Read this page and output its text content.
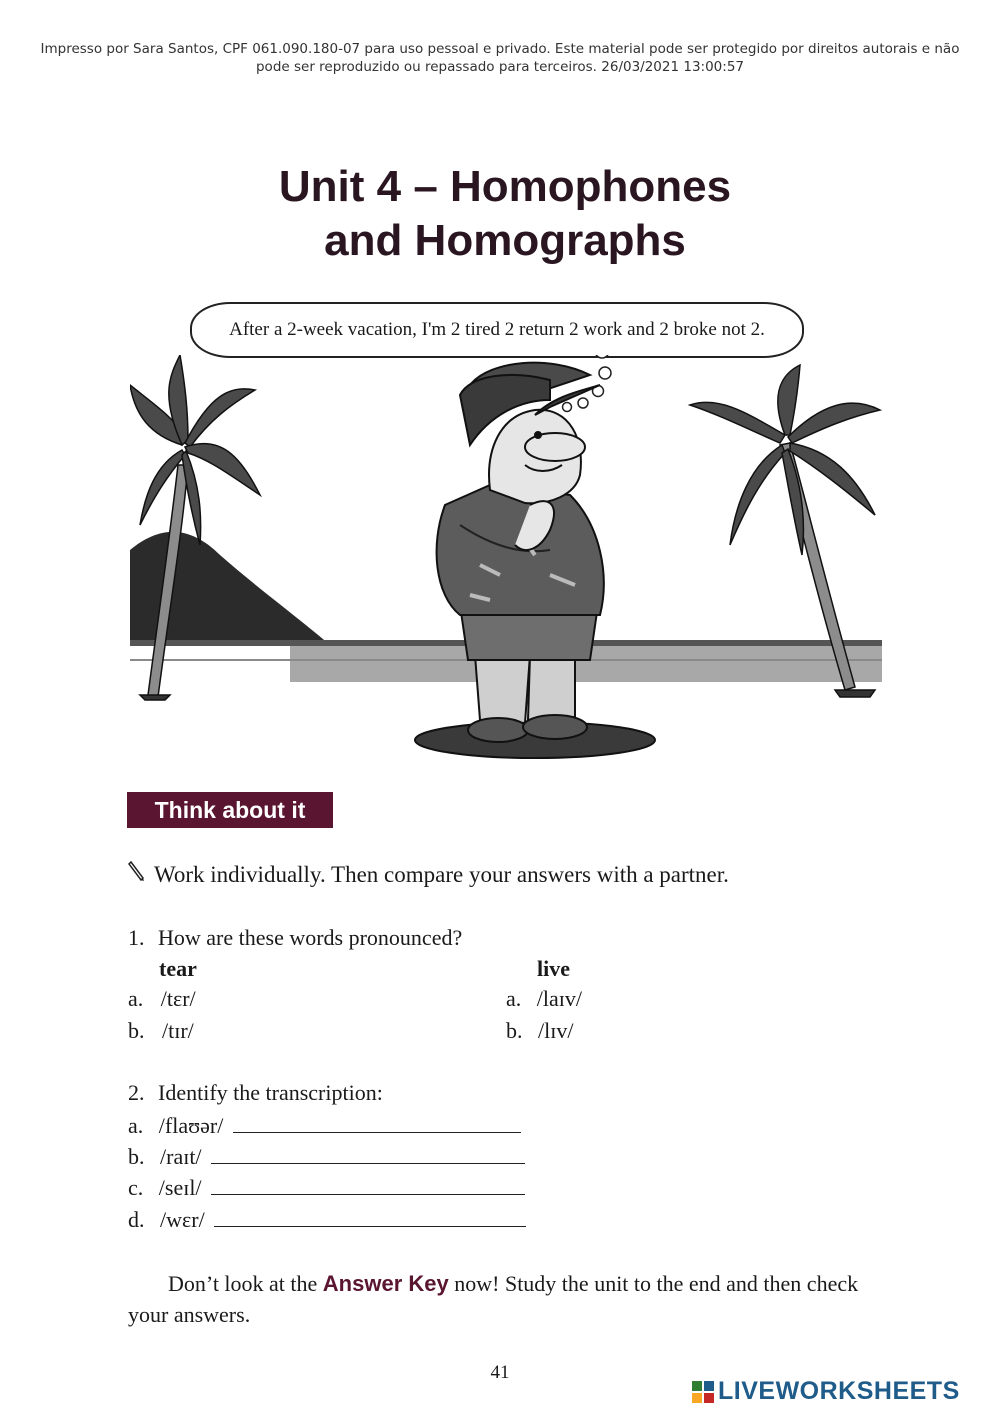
Impresso por Sara Santos, CPF 061.090.180-07 para uso pessoal e privado. Este material pode ser protegido por direitos autorais e não
pode ser reproduzido ou repassado para terceiros. 26/03/2021 13:00:57
Unit 4 – Homophones
and Homographs
After a 2-week vacation, I'm 2 tired 2 return 2 work and 2 broke not 2.
Think about it
Work individually. Then compare your answers with a partner.
1. How are these words pronounced?
tear	live
a. /tɛr/
b. /tɪr/
a. /laɪv/
b. /lɪv/
2. Identify the transcription:
a. /flaʊər/
b. /raɪt/
c. /seɪl/
d. /wɛr/
Don’t look at the Answer Key now! Study the unit to the end and then check your answers.
41
LIVEWORKSHEETS
